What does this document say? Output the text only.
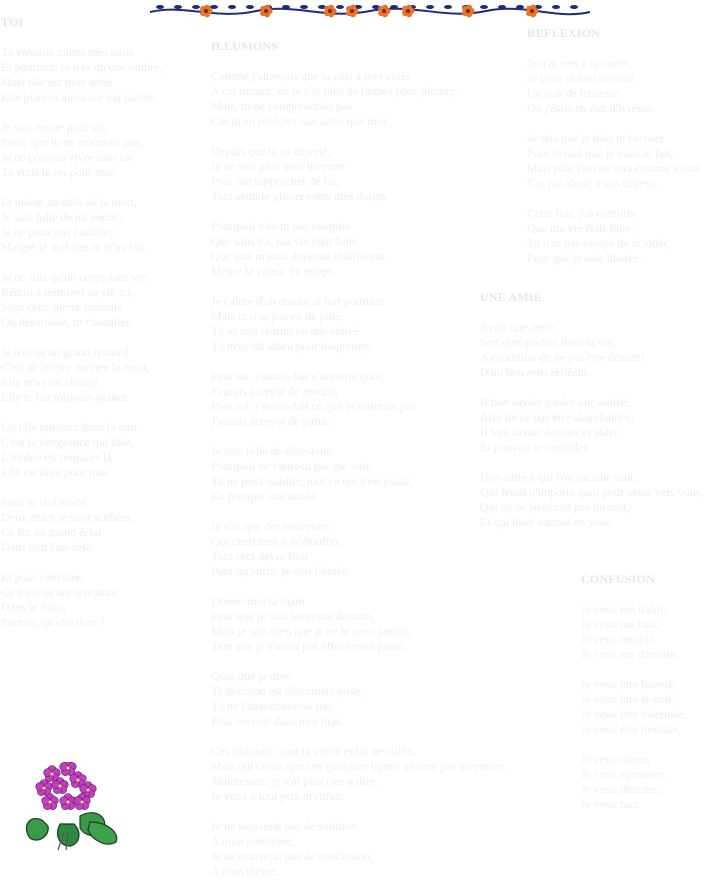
TOI
Tu envahis toutes mes nuits
Et pourtant, tu n'es qu'une ombre,
Mais elle est mon amie
Elle planera aussi sur ma tombe.
Je suis morte pour toi,
Parce que tu ne m'aimais pas,
Je ne pouvais vivre sans toi
Tu étais le roi pour moi.
Et même au-delà de la mort,
Je suis folle de toi encor',
Je ne peux pas t'oublier,
Malgré le mal que tu m'as fait.
Je ne suis qu'un corps sans vie
Réduit à terminer sa vie ici,
Sous cette pierre tombale
Où désormais, tu t'installes.
Je n'ai qu'un grand remord
C'est de m'être donnée la mort,
Elle m'a rien changé
Elle te fait toujours planer.
Un râle puissant dans la nuit
C'est la vengeance qui finit,
L'ombre est toujours là
Elle est faite pour moi.
Sous le ciel étoilé
Deux âmes se sont scellées,
Ce fut un grand éclat
Dans tout l'au-delà.
Et pour conclure,
Ce n'est qu'une aventure
Dans le futur,
Pourvu, qu'elle dure !
ILLUSIONS
Comme j'aimerais que tu sois à mes côtés
A cet instant, où je n'ai plus de larmes pour pleurer,
Mais, tu ne comprendrais pas
Car tu en préféres une autre que moi.
Depuis que tu as déserté,
Je ne sais plus quoi inventer
Pour me rapprocher de toi,
Tout semble glisser entre mes doigts.
Pourquoi n'as-tu pas compris
Que sans toi, ma vie était finie,
Que tout m'était devenue indifférent,
Même la valeur du temps.
Je t'aime d'un amour si fort pourtant
Mais tu n'as pas eu de pitié,
Tu as tout détruit en une soirée
Tu m'as dit adieu pour longtemps.
Pour toi, j'aurais fait n'importe quoi,
J'aurais accepté de mourir,
Pour toi, j'aurais fait ce que je n'aimais pas
J'aurais accepté de partir.
Je suis folle de désespoir,
Pourquoi ne viens-tu pas me voir,
Tu ne peux oublier, tout ce qui s'est passé,
En presque une année.
Je n'ai que des souvenirs
Qui cherchent à m'étouffer,
Tout ceci devra finir
Pour qu'enfin, je sois liberée.
Donne-moi la main
Pour que je sois heureuse demain,
Mais je sais bien que je ne le serai jamais,
Tant que je n'aurai pas effacé mon passé.
Quoi que je dise
Ta décision est désormais prise,
Tu ne l'abandonneras pas
Pour revenir dans mes bras.
Ces illusions, sont la vérité enfin devoilée,
Mais qui croirs que ces quelques lignes ne sont pas inventées,
Maintenant, je n'ai plus rien à dire,
Je veux à tout prix m'enfuir.
Je ne trouverai pas de solution
A mon problème,
Je ne trouverai pas de conclusion,
A mon thème.
REFLEXION
Je n'ai rien à raconter,
Je vous ai tout dévoilé
Un soir de tristesse
Où j'étais en état d'ivresse.
Je sais que je dois m'excuser
Pour le mal que je vous ai fait,
Mais plus rien ne sera comme avant
Car j'ai abusé à vos dépens.
Cette fois, j'ai compris
Que ma vie était finie,
Tu n'as pas essayé de m'aider,
Pour que je sois liberée.
UNE AMIE
Avoir une amie,
Sert quelquefois dans la vie,
A condition de ne pas être démuni
D'un bon sens réfléchi.
Il faut savoir garder une amitié,
Afin de ne pas être abandonnée,
Il faut savoir écouter et aider,
Et pouvoir se consoler.
Une amie à qui l'on raconte tout,
Qui ferait n'importe quoi pour venir vers vous,
Qui ne se laisserait pas du tout,
Et qui lirait surtout en vous.
CONFUSION
Je veux me trahir,
Je veux me haïr,
Je veux mourir,
Je veux me détruire,
Je veux être bannie,
Je veux être le mal,
Je veux être infernale,
Je veux être bestiale,
Je veux aimer,
Je veux éprouver,
Je veux détester,
Je veux tuer.
